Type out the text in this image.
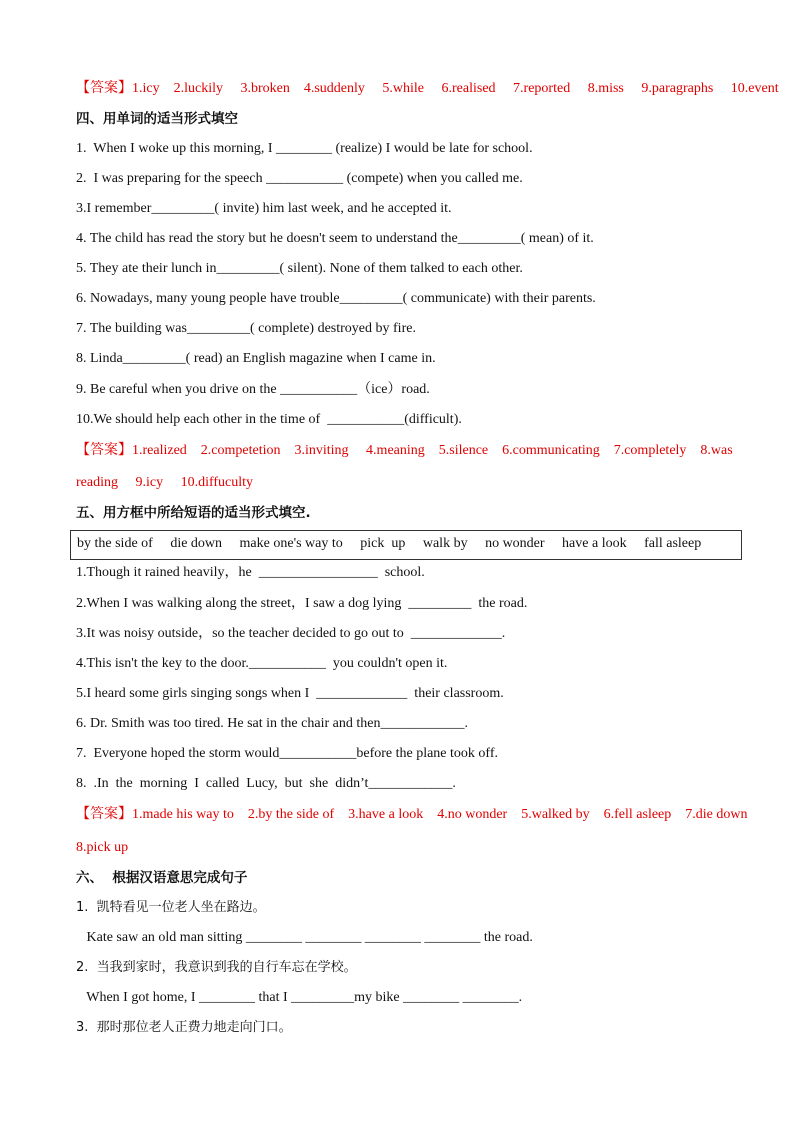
【答案】1.icy    2.luckily     3.broken    4.suddenly     5.while     6.realised     7.reported     8.miss     9.paragraphs     10.event
四、用单词的适当形式填空
1.  When I woke up this morning, I ________ (realize) I would be late for school.
2.  I was preparing for the speech ___________ (compete) when you called me.
3.I remember_________( invite) him last week, and he accepted it.
4. The child has read the story but he doesn't seem to understand the_________( mean) of it.
5. They ate their lunch in_________( silent). None of them talked to each other.
6. Nowadays, many young people have trouble_________( communicate) with their parents.
7. The building was_________( complete) destroyed by fire.
8. Linda_________( read) an English magazine when I came in.
9. Be careful when you drive on the ___________（ice）road.
10.We should help each other in the time of  ___________(difficult).
【答案】1.realized    2.competetion    3.inviting     4.meaning    5.silence    6.communicating    7.completely    8.was
reading     9.icy     10.diffuculty
五、用方框中所给短语的适当形式填空.
by the side of     die down     make one's way to     pick  up     walk by     no wonder     have a look     fall asleep
1.Though it rained heavily，he  _________________  school.
2.When I was walking along the street，I saw a dog lying  _________  the road.
3.It was noisy outside，so the teacher decided to go out to  _____________.
4.This isn't the key to the door.___________  you couldn't open it.
5.I heard some girls singing songs when I  _____________  their classroom.
6. Dr. Smith was too tired. He sat in the chair and then____________.
7.  Everyone hoped the storm would___________before the plane took off.
8.  .In  the  morning  I  called  Lucy,  but  she  didn’t____________.
【答案】1.made his way to    2.by the side of    3.have a look    4.no wonder    5.walked by    6.fell asleep    7.die down
8.pick up
六、  根据汉语意思完成句子
1.  凯特看见一位老人坐在路边。
Kate saw an old man sitting ________ ________ ________ ________ the road.
2.  当我到家时，我意识到我的自行车忘在学校。
When I got home, I ________ that I _________my bike ________ ________.
3.  那时那位老人正费力地走向门口。
